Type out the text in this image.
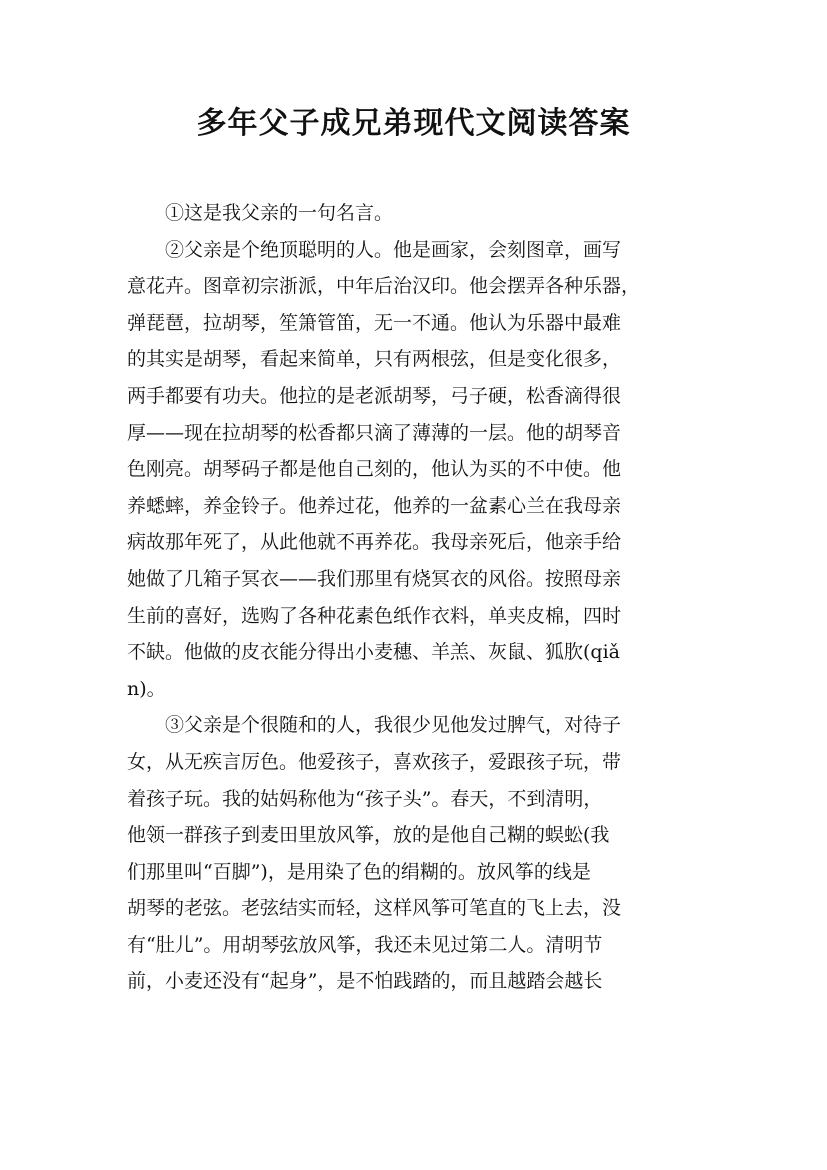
多年父子成兄弟现代文阅读答案
①这是我父亲的一句名言。
②父亲是个绝顶聪明的人。他是画家，会刻图章，画写
意花卉。图章初宗浙派，中年后治汉印。他会摆弄各种乐器，
弹琵琶，拉胡琴，笙箫管笛，无一不通。他认为乐器中最难
的其实是胡琴，看起来简单，只有两根弦，但是变化很多，
两手都要有功夫。他拉的是老派胡琴，弓子硬，松香滴得很
厚——现在拉胡琴的松香都只滴了薄薄的一层。他的胡琴音
色刚亮。胡琴码子都是他自己刻的，他认为买的不中使。他
养蟋蟀，养金铃子。他养过花，他养的一盆素心兰在我母亲
病故那年死了，从此他就不再养花。我母亲死后，他亲手给
她做了几箱子冥衣——我们那里有烧冥衣的风俗。按照母亲
生前的喜好，选购了各种花素色纸作衣料，单夹皮棉，四时
不缺。他做的皮衣能分得出小麦穗、羊羔、灰鼠、狐肷(qiǎ
n)。
③父亲是个很随和的人，我很少见他发过脾气，对待子
女，从无疾言厉色。他爱孩子，喜欢孩子，爱跟孩子玩，带
着孩子玩。我的姑妈称他为“孩子头”。春天，不到清明，
他领一群孩子到麦田里放风筝，放的是他自己糊的蜈蚣(我
们那里叫“百脚”)，是用染了色的绢糊的。放风筝的线是
胡琴的老弦。老弦结实而轻，这样风筝可笔直的飞上去，没
有“肚儿”。用胡琴弦放风筝，我还未见过第二人。清明节
前，小麦还没有“起身”，是不怕践踏的，而且越踏会越长
